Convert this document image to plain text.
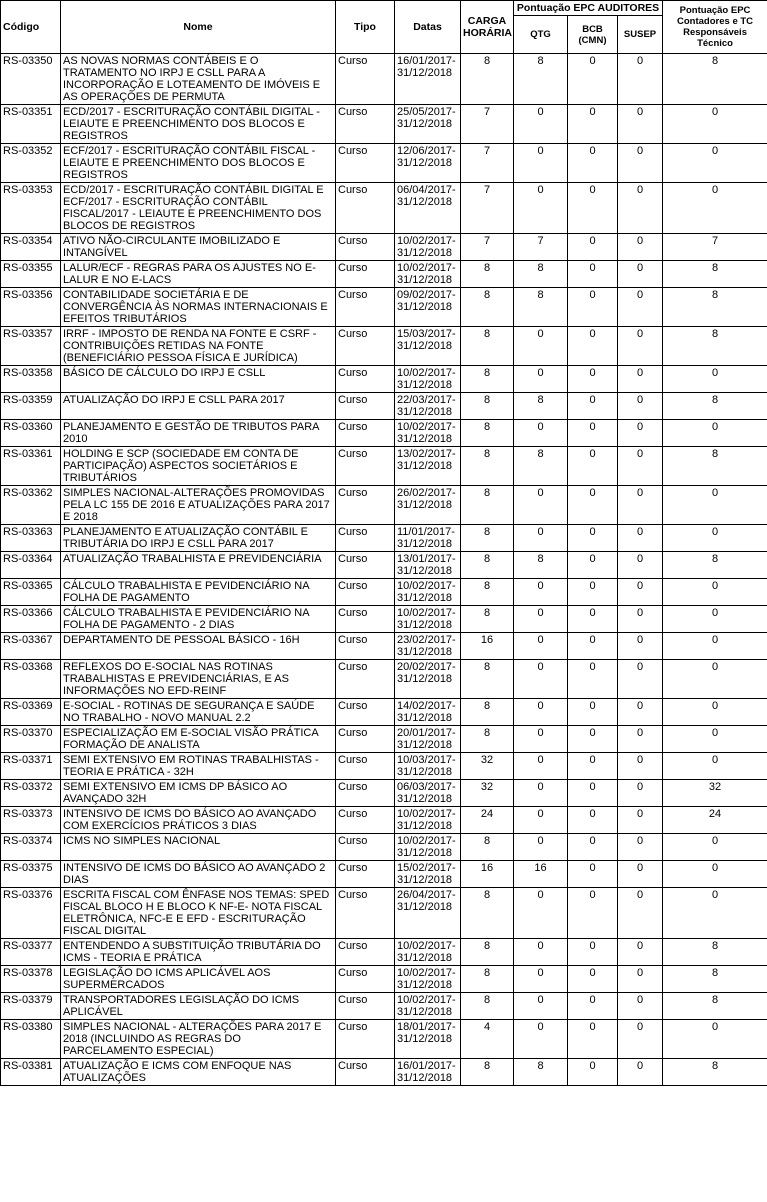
Código	Nome	Tipo	Datas	CARGA HORÁRIA	Pontuação EPC AUDITORES			Pontuação EPC Contadores e TC Responsáveis Técnico
					QTG	BCB (CMN)	SUSEP	
RS-03350	AS NOVAS NORMAS CONTÁBEIS E O TRATAMENTO NO IRPJ E CSLL PARA A INCORPORAÇÃO E LOTEAMENTO DE IMÓVEIS E AS OPERAÇÕES DE PERMUTA	Curso	16/01/2017-31/12/2018	8	8	0	0	8
RS-03351	ECD/2017 - ESCRITURAÇÃO CONTÁBIL DIGITAL - LEIAUTE E PREENCHIMENTO DOS BLOCOS E REGISTROS	Curso	25/05/2017-31/12/2018	7	0	0	0	0
RS-03352	ECF/2017 - ESCRITURAÇÃO CONTÁBIL FISCAL - LEIAUTE E PREENCHIMENTO DOS BLOCOS E REGISTROS	Curso	12/06/2017-31/12/2018	7	0	0	0	0
RS-03353	ECD/2017 - ESCRITURAÇÃO CONTÁBIL DIGITAL E ECF/2017 - ESCRITURAÇÃO CONTÁBIL FISCAL/2017 - LEIAUTE E PREENCHIMENTO DOS BLOCOS DE REGISTROS	Curso	06/04/2017-31/12/2018	7	0	0	0	0
RS-03354	ATIVO NÃO-CIRCULANTE IMOBILIZADO E INTANGÍVEL	Curso	10/02/2017-31/12/2018	7	7	0	0	7
RS-03355	LALUR/ECF - REGRAS PARA OS AJUSTES NO E-LALUR E NO E-LACS	Curso	10/02/2017-31/12/2018	8	8	0	0	8
RS-03356	CONTABILIDADE SOCIETÁRIA E DE CONVERGÊNCIA ÀS NORMAS INTERNACIONAIS E EFEITOS TRIBUTÁRIOS	Curso	09/02/2017-31/12/2018	8	8	0	0	8
RS-03357	IRRF - IMPOSTO DE RENDA NA FONTE E CSRF - CONTRIBUIÇÕES RETIDAS NA FONTE (BENEFICIÁRIO PESSOA FÍSICA E JURÍDICA)	Curso	15/03/2017-31/12/2018	8	0	0	0	8
RS-03358	BÁSICO DE CÁLCULO DO IRPJ E CSLL	Curso	10/02/2017-31/12/2018	8	0	0	0	0
RS-03359	ATUALIZAÇÃO DO IRPJ E CSLL PARA 2017	Curso	22/03/2017-31/12/2018	8	8	0	0	8
RS-03360	PLANEJAMENTO E GESTÃO DE TRIBUTOS PARA 2010	Curso	10/02/2017-31/12/2018	8	0	0	0	0
RS-03361	HOLDING E SCP (SOCIEDADE EM CONTA DE PARTICIPAÇÃO) ASPECTOS SOCIETÁRIOS E TRIBUTÁRIOS	Curso	13/02/2017-31/12/2018	8	8	0	0	8
RS-03362	SIMPLES NACIONAL-ALTERAÇÕES PROMOVIDAS PELA LC 155 DE 2016 E ATUALIZAÇÕES PARA 2017 E 2018	Curso	26/02/2017-31/12/2018	8	0	0	0	0
RS-03363	PLANEJAMENTO E ATUALIZAÇÃO CONTÁBIL E TRIBUTÁRIA DO IRPJ E CSLL PARA 2017	Curso	11/01/2017-31/12/2018	8	0	0	0	0
RS-03364	ATUALIZAÇÃO TRABALHISTA E PREVIDENCIÁRIA	Curso	13/01/2017-31/12/2018	8	8	0	0	8
RS-03365	CÁLCULO TRABALHISTA E PEVIDENCIÁRIO NA FOLHA DE PAGAMENTO	Curso	10/02/2017-31/12/2018	8	0	0	0	0
RS-03366	CÁLCULO TRABALHISTA E PEVIDENCIÁRIO NA FOLHA DE PAGAMENTO - 2 DIAS	Curso	10/02/2017-31/12/2018	8	0	0	0	0
RS-03367	DEPARTAMENTO DE PESSOAL BÁSICO - 16H	Curso	23/02/2017-31/12/2018	16	0	0	0	0
RS-03368	REFLEXOS DO E-SOCIAL NAS ROTINAS TRABALHISTAS E PREVIDENCIÁRIAS, E AS INFORMAÇÕES NO EFD-REINF	Curso	20/02/2017-31/12/2018	8	0	0	0	0
RS-03369	E-SOCIAL - ROTINAS DE SEGURANÇA E SAÚDE NO TRABALHO - NOVO MANUAL 2.2	Curso	14/02/2017-31/12/2018	8	0	0	0	0
RS-03370	ESPECIALIZAÇÃO EM E-SOCIAL VISÃO PRÁTICA FORMAÇÃO DE ANALISTA	Curso	20/01/2017-31/12/2018	8	0	0	0	0
RS-03371	SEMI EXTENSIVO EM ROTINAS TRABALHISTAS - TEORIA E PRÁTICA - 32H	Curso	10/03/2017-31/12/2018	32	0	0	0	0
RS-03372	SEMI EXTENSIVO EM ICMS DP BÁSICO AO AVANÇADO 32H	Curso	06/03/2017-31/12/2018	32	0	0	0	32
RS-03373	INTENSIVO DE ICMS DO BÁSICO AO AVANÇADO COM EXERCÍCIOS PRÁTICOS 3 DIAS	Curso	10/02/2017-31/12/2018	24	0	0	0	24
RS-03374	ICMS NO SIMPLES NACIONAL	Curso	10/02/2017-31/12/2018	8	0	0	0	0
RS-03375	INTENSIVO DE ICMS DO BÁSICO AO AVANÇADO 2 DIAS	Curso	15/02/2017-31/12/2018	16	16	0	0	0
RS-03376	ESCRITA FISCAL COM ÊNFASE NOS TEMAS: SPED FISCAL BLOCO H E BLOCO K NF-E- NOTA FISCAL ELETRÔNICA, NFC-E E EFD - ESCRITURAÇÃO FISCAL DIGITAL	Curso	26/04/2017-31/12/2018	8	0	0	0	0
RS-03377	ENTENDENDO A SUBSTITUIÇÃO TRIBUTÁRIA DO ICMS - TEORIA E PRÁTICA	Curso	10/02/2017-31/12/2018	8	0	0	0	8
RS-03378	LEGISLAÇÃO DO ICMS APLICÁVEL AOS SUPERMERCADOS	Curso	10/02/2017-31/12/2018	8	0	0	0	8
RS-03379	TRANSPORTADORES LEGISLAÇÃO DO ICMS APLICÁVEL	Curso	10/02/2017-31/12/2018	8	0	0	0	8
RS-03380	SIMPLES NACIONAL - ALTERAÇÕES PARA 2017 E 2018 (INCLUINDO AS REGRAS DO PARCELAMENTO ESPECIAL)	Curso	18/01/2017-31/12/2018	4	0	0	0	0
RS-03381	ATUALIZAÇÃO E ICMS COM ENFOQUE NAS ATUALIZAÇÕES	Curso	16/01/2017-31/12/2018	8	8	0	0	8
